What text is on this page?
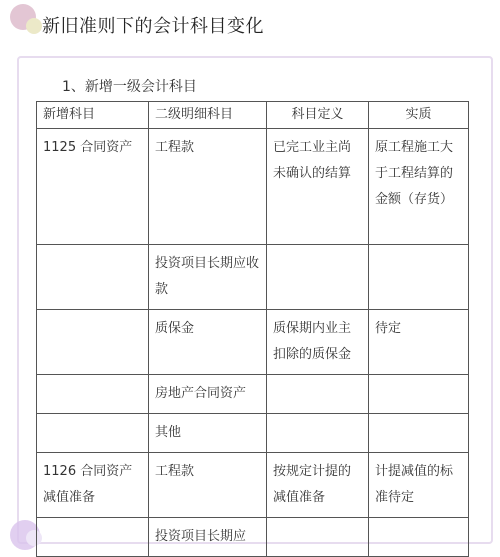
新旧准则下的会计科目变化
1、新增一级会计科目
新增科目	二级明细科目	科目定义	实质
1125 合同资产	工程款	已完工业主尚未确认的结算	原工程施工大于工程结算的金额（存货）
	投资项目长期应收款		
	质保金	质保期内业主扣除的质保金	待定
	房地产合同资产		
	其他		
1126 合同资产减值准备	工程款	按规定计提的减值准备	计提减值的标准待定
	投资项目长期应		
